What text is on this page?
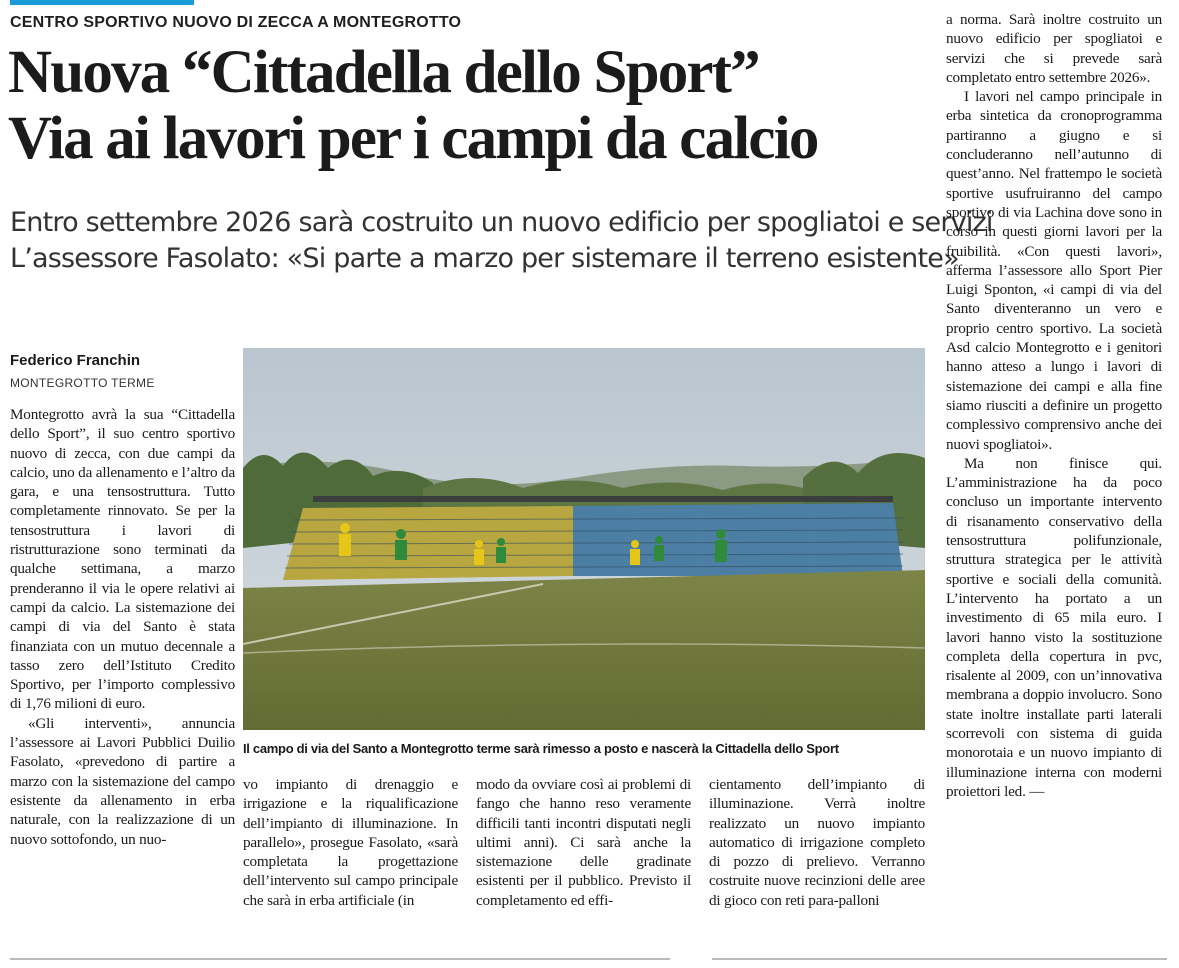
CENTRO SPORTIVO NUOVO DI ZECCA A MONTEGROTTO
Nuova “Cittadella dello Sport”
Via ai lavori per i campi da calcio
Entro settembre 2026 sarà costruito un nuovo edificio per spogliatoi e servizi
L’assessore Fasolato: «Si parte a marzo per sistemare il terreno esistente»
Federico Franchin
MONTEGROTTO TERME

Montegrotto avrà la sua “Cittadella dello Sport”, il suo centro sportivo nuovo di zecca, con due campi da calcio, uno da allenamento e l’altro da gara, e una tensostruttura. Tutto completamente rinnovato. Se per la tensostruttura i lavori di ristrutturazione sono terminati da qualche settimana, a marzo prenderanno il via le opere relativi ai campi da calcio. La sistemazione dei campi di via del Santo è stata finanziata con un mutuo decennale a tasso zero dell’Istituto Credito Sportivo, per l’importo complessivo di 1,76 milioni di euro.

«Gli interventi», annuncia l’assessore ai Lavori Pubblici Duilio Fasolato, «prevedono di partire a marzo con la sistemazione del campo esistente da allenamento in erba naturale, con la realizzazione di un nuovo sottofondo, un nuo-

Il campo di via del Santo a Montegrotto terme sarà rimesso a posto e nascerà la Cittadella dello Sport

vo impianto di drenaggio e irrigazione e la riqualificazione dell’impianto di illuminazione. In parallelo», prosegue Fasolato, «sarà completata la progettazione dell’intervento sul campo principale che sarà in erba artificiale (in

modo da ovviare così ai problemi di fango che hanno reso veramente difficili tanti incontri disputati negli ultimi anni). Ci sarà anche la sistemazione delle gradinate esistenti per il pubblico. Previsto il completamento ed effi-

cientamento dell’impianto di illuminazione. Verrà inoltre realizzato un nuovo impianto automatico di irrigazione completo di pozzo di prelievo. Verranno costruite nuove recinzioni delle aree di gioco con reti para-palloni

a norma. Sarà inoltre costruito un nuovo edificio per spogliatoi e servizi che si prevede sarà completato entro settembre 2026».

I lavori nel campo principale in erba sintetica da cronoprogramma partiranno a giugno e si concluderanno nell’autunno di quest’anno. Nel frattempo le società sportive usufruiranno del campo sportivo di via Lachina dove sono in corso in questi giorni lavori per la fruibilità. «Con questi lavori», afferma l’assessore allo Sport Pier Luigi Sponton, «i campi di via del Santo diventeranno un vero e proprio centro sportivo. La società Asd calcio Montegrotto e i genitori hanno atteso a lungo i lavori di sistemazione dei campi e alla fine siamo riusciti a definire un progetto complessivo comprensivo anche dei nuovi spogliatoi».

Ma non finisce qui. L’amministrazione ha da poco concluso un importante intervento di risanamento conservativo della tensostruttura polifunzionale, struttura strategica per le attività sportive e sociali della comunità. L’intervento ha portato a un investimento di 65 mila euro. I lavori hanno visto la sostituzione completa della copertura in pvc, risalente al 2009, con un’innovativa membrana a doppio involucro. Sono state inoltre installate parti laterali scorrevoli con sistema di guida monorotaia e un nuovo impianto di illuminazione interna con moderni proiettori led. —
